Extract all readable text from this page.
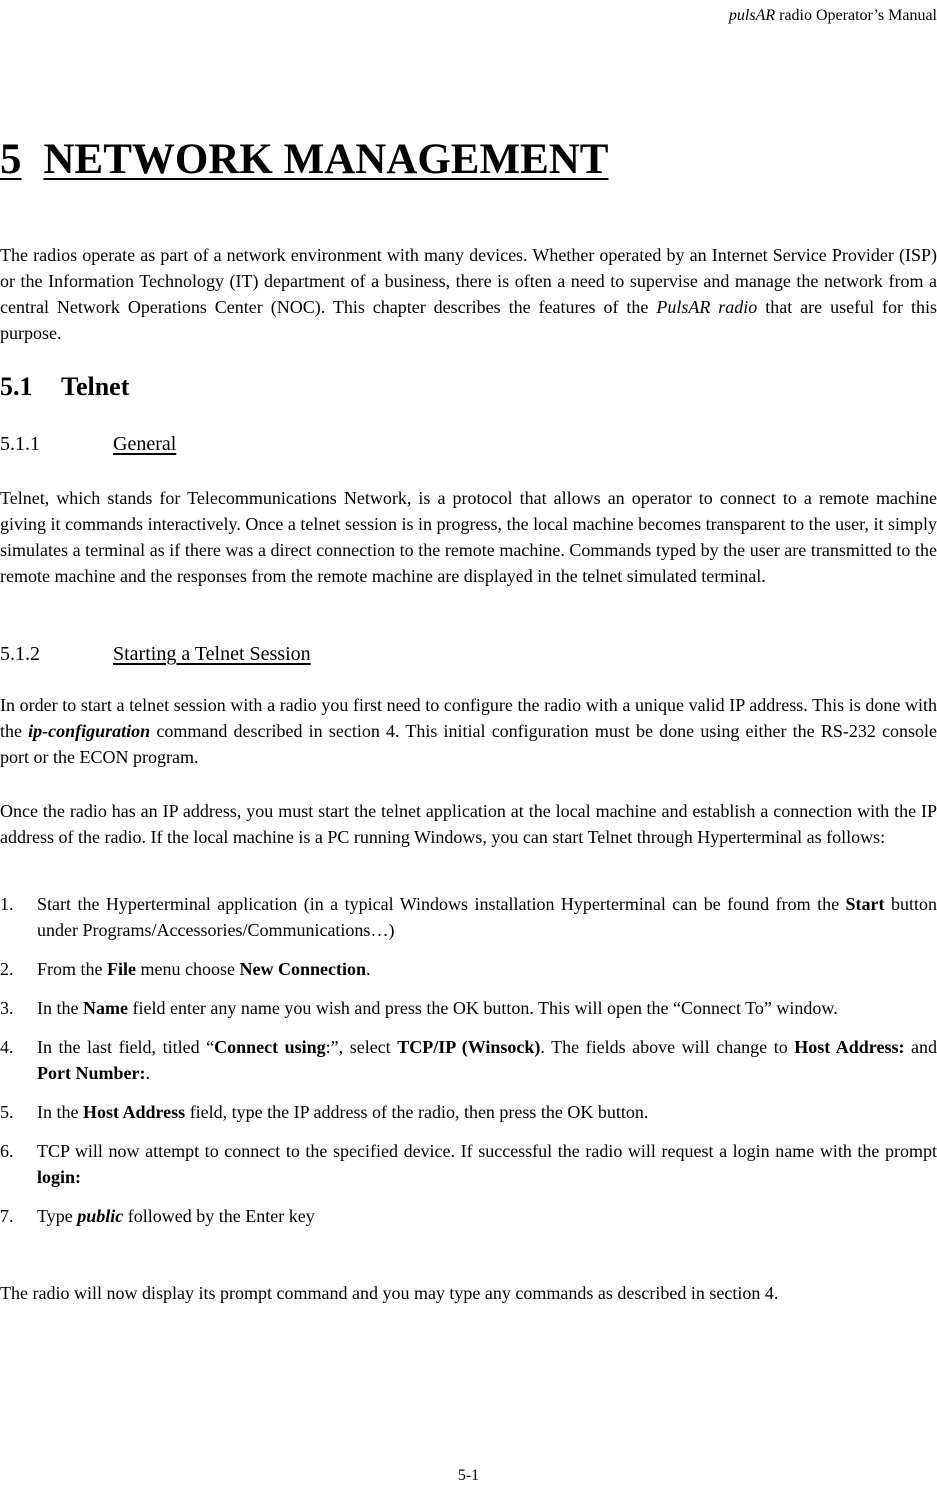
pulsAR radio Operator’s Manual
5 NETWORK MANAGEMENT

The radios operate as part of a network environment with many devices. Whether operated by an Internet Service Provider (ISP) or the Information Technology (IT) department of a business, there is often a need to supervise and manage the network from a central Network Operations Center (NOC). This chapter describes the features of the PulsAR radio that are useful for this purpose.

5.1 Telnet
5.1.1	General

Telnet, which stands for Telecommunications Network, is a protocol that allows an operator to connect to a remote machine giving it commands interactively. Once a telnet session is in progress, the local machine becomes transparent to the user, it simply simulates a terminal as if there was a direct connection to the remote machine. Commands typed by the user are transmitted to the remote machine and the responses from the remote machine are displayed in the telnet simulated terminal.

5.1.2	Starting a Telnet Session

In order to start a telnet session with a radio you first need to configure the radio with a unique valid IP address. This is done with the ip-configuration command described in section 4. This initial configuration must be done using either the RS-232 console port or the ECON program.

Once the radio has an IP address, you must start the telnet application at the local machine and establish a connection with the IP address of the radio. If the local machine is a PC running Windows, you can start Telnet through Hyperterminal as follows:

1. Start the Hyperterminal application (in a typical Windows installation Hyperterminal can be found from the Start button under Programs/Accessories/Communications…)
2. From the File menu choose New Connection.
3. In the Name field enter any name you wish and press the OK button. This will open the “Connect To” window.
4. In the last field, titled “Connect using:”, select TCP/IP (Winsock). The fields above will change to Host Address: and Port Number:.
5. In the Host Address field, type the IP address of the radio, then press the OK button.
6. TCP will now attempt to connect to the specified device. If successful the radio will request a login name with the prompt login:
7. Type public followed by the Enter key

The radio will now display its prompt command and you may type any commands as described in section 4.

5-1
